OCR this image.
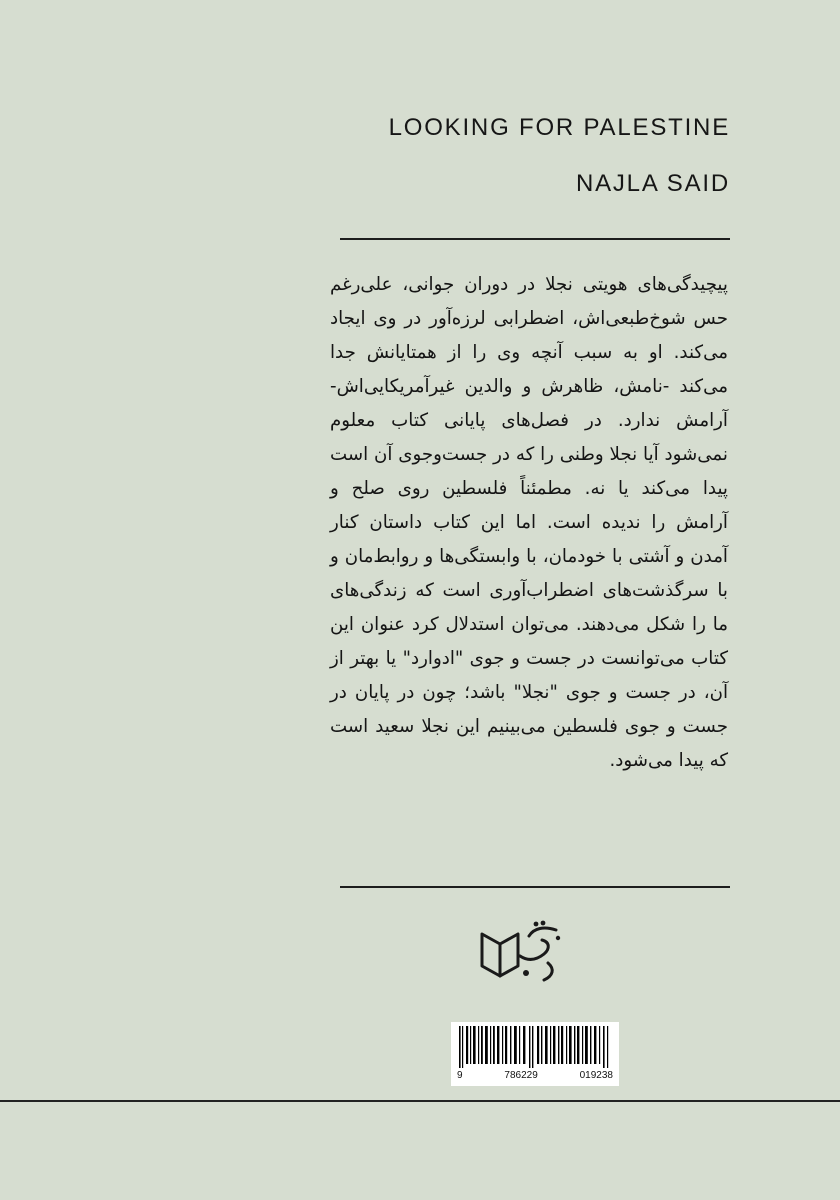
LOOKING FOR PALESTINE
NAJLA SAID

پیچیدگی‌های هویتی نجلا در دوران جوانی، علی‌رغم حس شوخ‌طبعی‌اش، اضطرابی لرزه‌آور در وی ایجاد می‌کند. او به سبب آنچه وی را از همتایانش جدا می‌کند -نامش، ظاهرش و والدین غیرآمریکایی‌اش- آرامش ندارد. در فصل‌های پایانی کتاب معلوم نمی‌شود آیا نجلا وطنی را که در جست‌وجوی آن است پیدا می‌کند یا نه. مطمئناً فلسطین روی صلح و آرامش را ندیده است. اما این کتاب داستان کنار آمدن و آشتی با خودمان، با وابستگی‌ها و روابط‌مان و با سرگذشت‌های اضطراب‌آوری است که زندگی‌های ما را شکل می‌دهند. می‌توان استدلال کرد عنوان این کتاب می‌توانست در جست و جوی "ادوارد" یا بهتر از آن، در جست و جوی "نجلا" باشد؛ چون در پایان در جست و جوی فلسطین می‌بینیم این نجلا سعید است که پیدا می‌شود.

9	786229	019238
